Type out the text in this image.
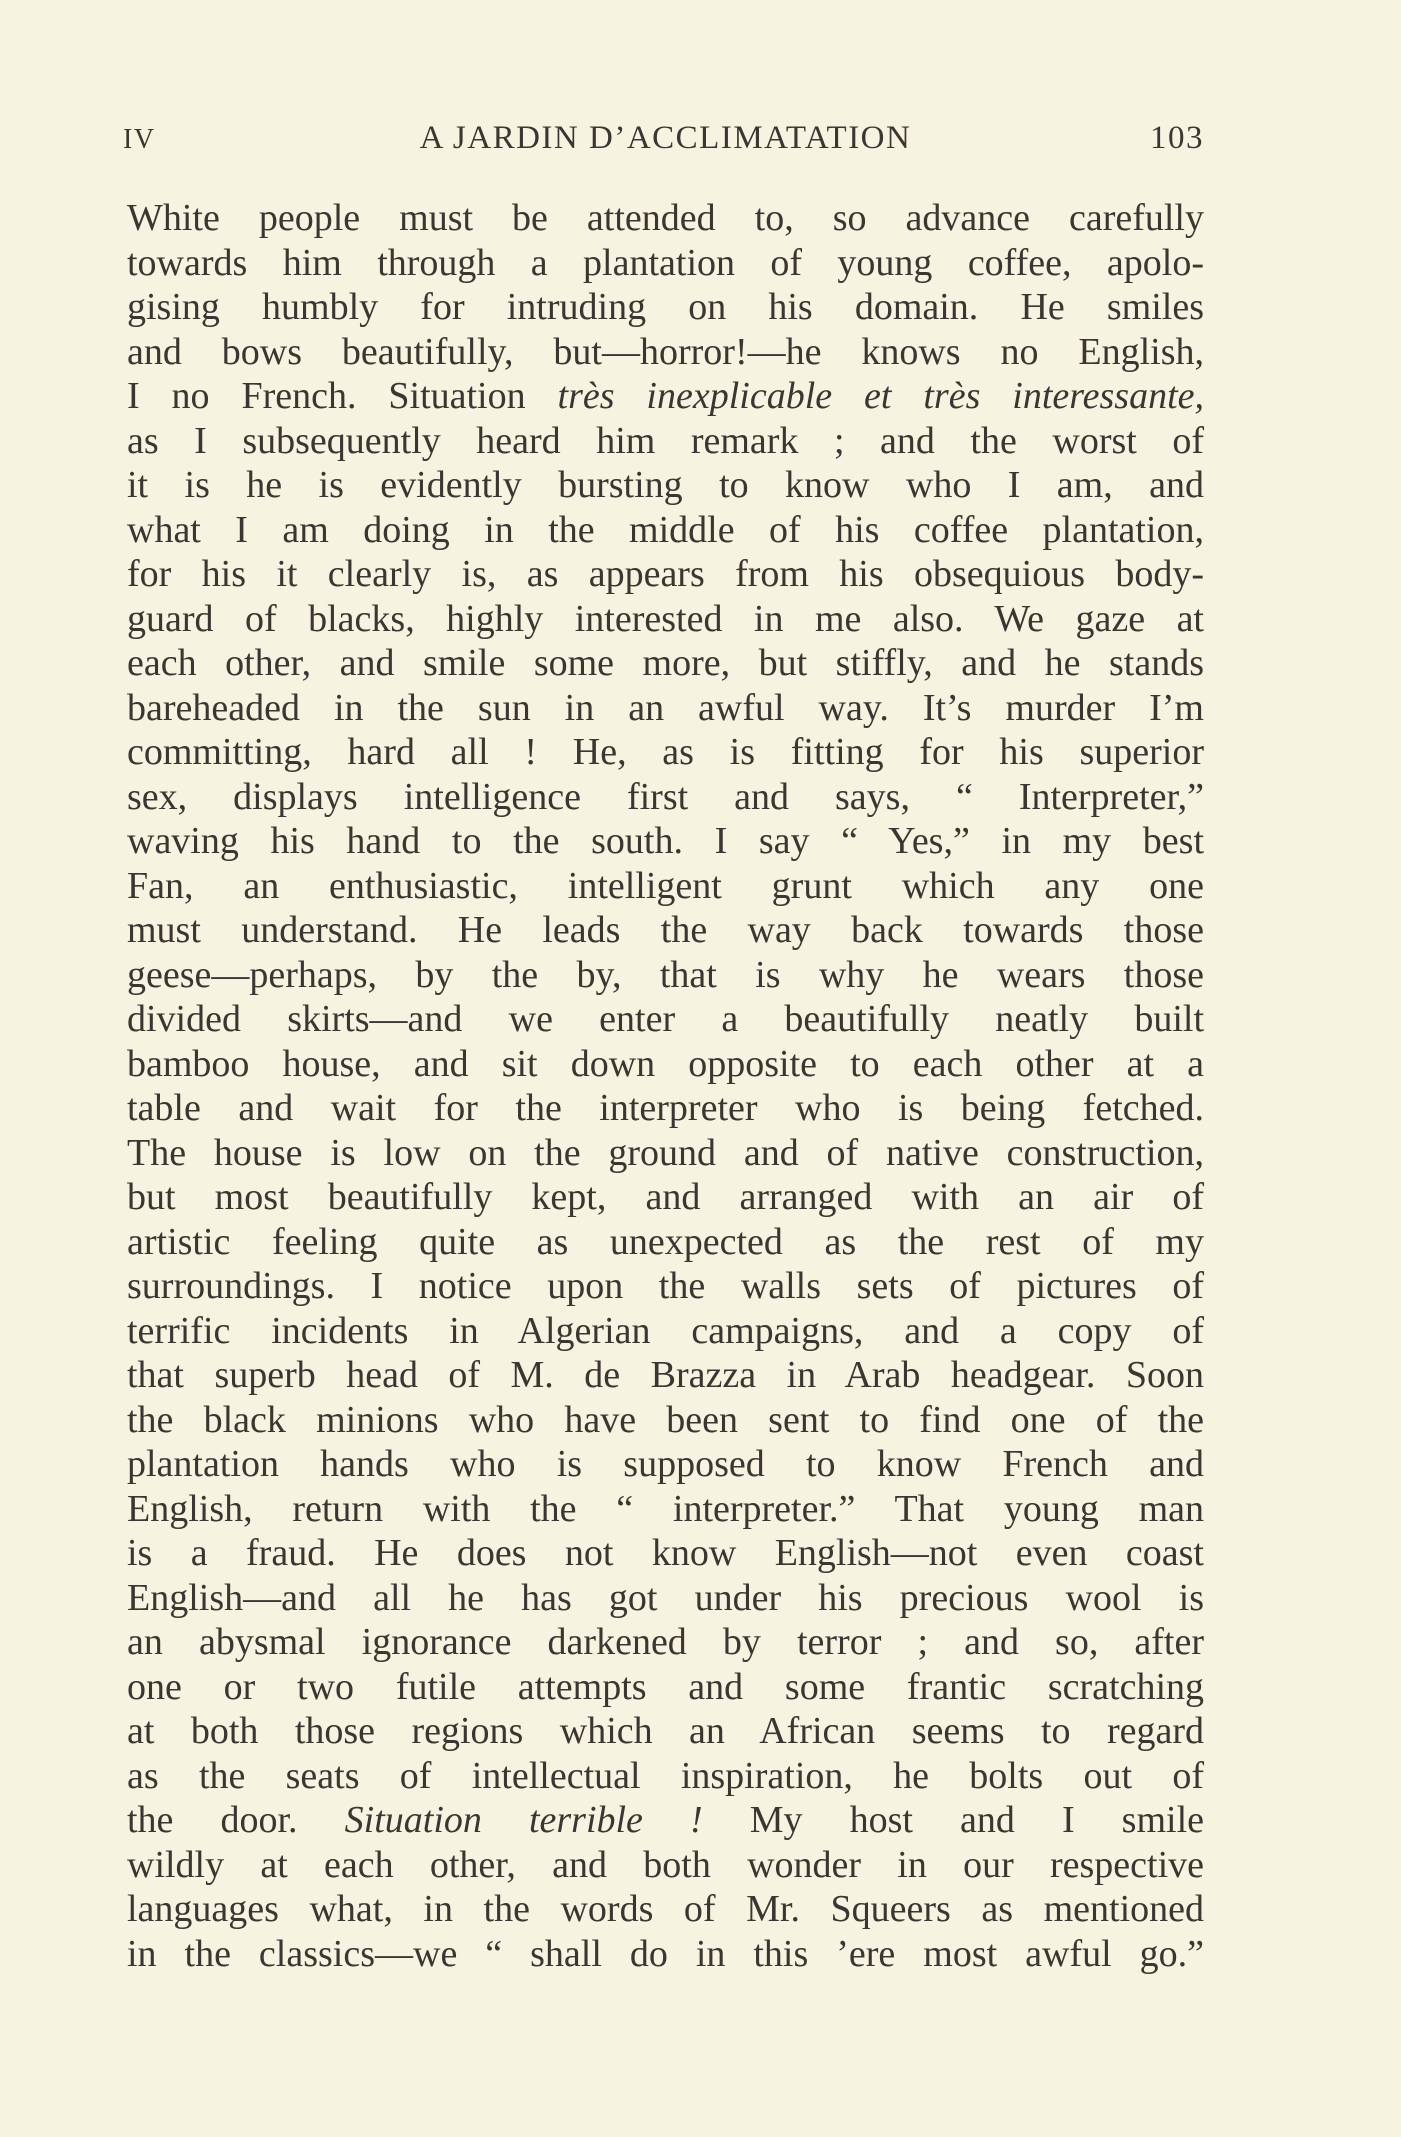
IV	A JARDIN D’ACCLIMATATION	103
White people must be attended to, so advance carefully
towards him through a plantation of young coffee, apolo-
gising humbly for intruding on his domain. He smiles
and bows beautifully, but—horror!—he knows no English,
I no French. Situation très inexplicable et très interessante,
as I subsequently heard him remark ; and the worst of
it is he is evidently bursting to know who I am, and
what I am doing in the middle of his coffee plantation,
for his it clearly is, as appears from his obsequious body-
guard of blacks, highly interested in me also. We gaze at
each other, and smile some more, but stiffly, and he stands
bareheaded in the sun in an awful way. It’s murder I’m
committing, hard all ! He, as is fitting for his superior
sex, displays intelligence first and says, “ Interpreter,”
waving his hand to the south. I say “ Yes,” in my best
Fan, an enthusiastic, intelligent grunt which any one
must understand. He leads the way back towards those
geese—perhaps, by the by, that is why he wears those
divided skirts—and we enter a beautifully neatly built
bamboo house, and sit down opposite to each other at a
table and wait for the interpreter who is being fetched.
The house is low on the ground and of native construction,
but most beautifully kept, and arranged with an air of
artistic feeling quite as unexpected as the rest of my
surroundings. I notice upon the walls sets of pictures of
terrific incidents in Algerian campaigns, and a copy of
that superb head of M. de Brazza in Arab headgear. Soon
the black minions who have been sent to find one of the
plantation hands who is supposed to know French and
English, return with the “ interpreter.” That young man
is a fraud. He does not know English—not even coast
English—and all he has got under his precious wool is
an abysmal ignorance darkened by terror ; and so, after
one or two futile attempts and some frantic scratching
at both those regions which an African seems to regard
as the seats of intellectual inspiration, he bolts out of
the door. Situation terrible ! My host and I smile
wildly at each other, and both wonder in our respective
languages what, in the words of Mr. Squeers as mentioned
in the classics—we “ shall do in this ’ere most awful go.”
